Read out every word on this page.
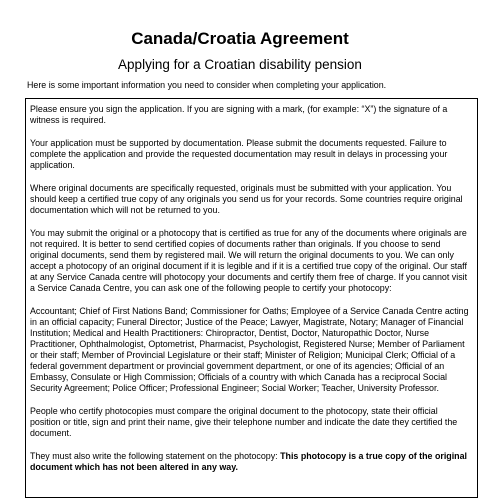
Canada/Croatia Agreement

Applying for a Croatian disability pension

Here is some important information you need to consider when completing your application.

Please ensure you sign the application. If you are signing with a mark, (for example: “X”) the signature of a witness is required.

Your application must be supported by documentation. Please submit the documents requested. Failure to complete the application and provide the requested documentation may result in delays in processing your application.

Where original documents are specifically requested, originals must be submitted with your application. You should keep a certified true copy of any originals you send us for your records. Some countries require original documentation which will not be returned to you.

You may submit the original or a photocopy that is certified as true for any of the documents where originals are not required. It is better to send certified copies of documents rather than originals. If you choose to send original documents, send them by registered mail. We will return the original documents to you. We can only accept a photocopy of an original document if it is legible and if it is a certified true copy of the original. Our staff at any Service Canada centre will photocopy your documents and certify them free of charge. If you cannot visit a Service Canada Centre, you can ask one of the following people to certify your photocopy:

Accountant; Chief of First Nations Band; Commissioner for Oaths; Employee of a Service Canada Centre acting in an official capacity; Funeral Director; Justice of the Peace; Lawyer, Magistrate, Notary; Manager of Financial Institution; Medical and Health Practitioners: Chiropractor, Dentist, Doctor, Naturopathic Doctor, Nurse Practitioner, Ophthalmologist, Optometrist, Pharmacist, Psychologist, Registered Nurse; Member of Parliament or their staff; Member of Provincial Legislature or their staff; Minister of Religion; Municipal Clerk; Official of a federal government department or provincial government department, or one of its agencies; Official of an Embassy, Consulate or High Commission; Officials of a country with which Canada has a reciprocal Social Security Agreement; Police Officer; Professional Engineer; Social Worker; Teacher, University Professor.

People who certify photocopies must compare the original document to the photocopy, state their official position or title, sign and print their name, give their telephone number and indicate the date they certified the document.

They must also write the following statement on the photocopy: This photocopy is a true copy of the original document which has not been altered in any way.
